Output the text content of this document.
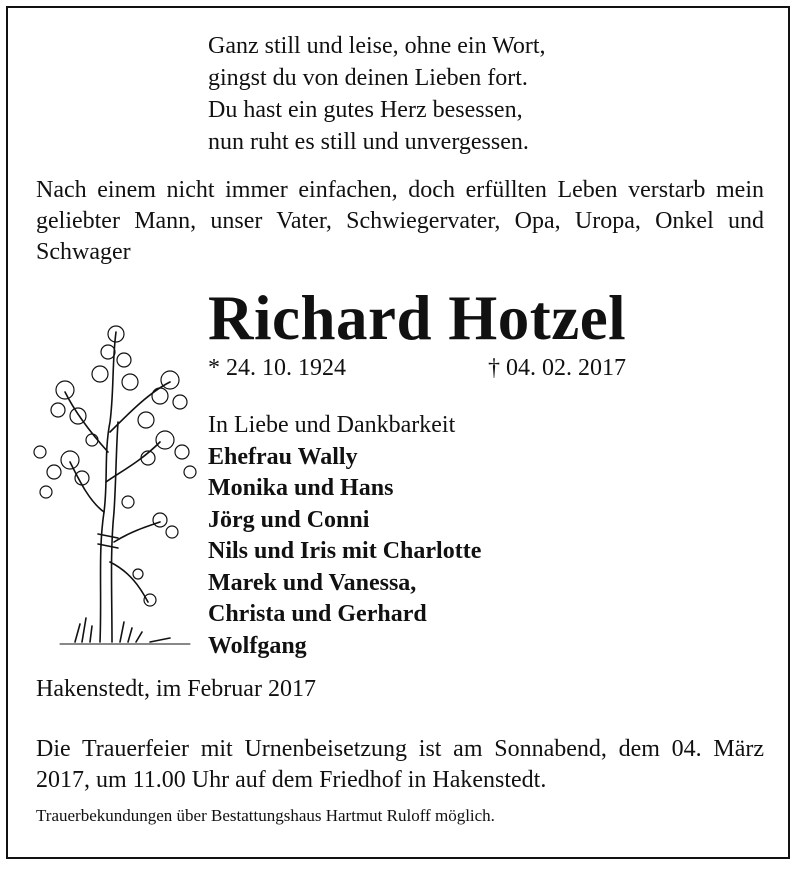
Ganz still und leise, ohne ein Wort,
gingst du von deinen Lieben fort.
Du hast ein gutes Herz besessen,
nun ruht es still und unvergessen.
Nach einem nicht immer einfachen, doch erfüllten Leben verstarb mein geliebter Mann, unser Vater, Schwiegervater, Opa, Uropa, Onkel und Schwager
Richard Hotzel
* 24. 10. 1924	† 04. 02. 2017
In Liebe und Dankbarkeit
Ehefrau Wally
Monika und Hans
Jörg und Conni
Nils und Iris mit Charlotte
Marek und Vanessa,
Christa und Gerhard
Wolfgang
Hakenstedt, im Februar 2017
Die Trauerfeier mit Urnenbeisetzung ist am Sonnabend, dem 04. März 2017, um 11.00 Uhr auf dem Friedhof in Hakenstedt.
Trauerbekundungen über Bestattungshaus Hartmut Ruloff möglich.
